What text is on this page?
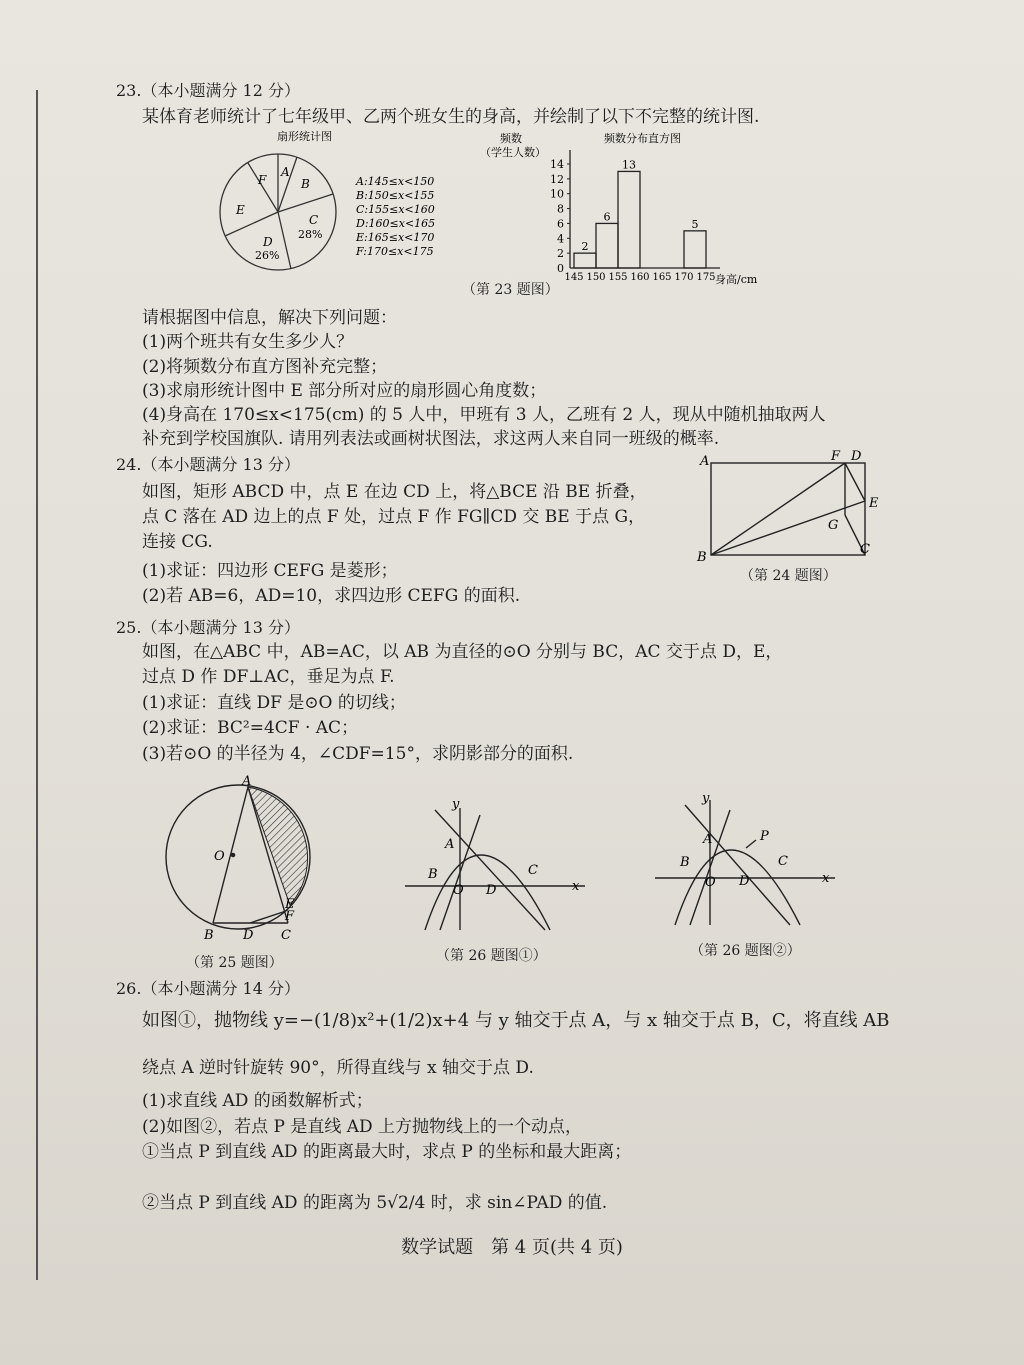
23.（本小题满分 12 分）
某体育老师统计了七年级甲、乙两个班女生的身高，并绘制了以下不完整的统计图.
扇形统计图
A
B
C
D
E
F
28%
26%
A:145≤x<150
B:150≤x<155
C:155≤x<160
D:160≤x<165
E:165≤x<170
F:170≤x<175
频数
（学生人数）
频数分布直方图
0
2
4
6
8
10
12
14
145 150 155 160 165 170 175
2
6
13
5
身高/cm
（第 23 题图）
请根据图中信息，解决下列问题：
(1)两个班共有女生多少人？
(2)将频数分布直方图补充完整；
(3)求扇形统计图中 E 部分所对应的扇形圆心角度数；
(4)身高在 170≤x<175(cm) 的 5 人中，甲班有 3 人，乙班有 2 人，现从中随机抽取两人
补充到学校国旗队. 请用列表法或画树状图法，求这两人来自同一班级的概率.
24.（本小题满分 13 分）
如图，矩形 ABCD 中，点 E 在边 CD 上，将△BCE 沿 BE 折叠，
点 C 落在 AD 边上的点 F 处，过点 F 作 FG∥CD 交 BE 于点 G，
连接 CG.
(1)求证：四边形 CEFG 是菱形；
(2)若 AB=6，AD=10，求四边形 CEFG 的面积.
A	F D
E
G
B
C
（第 24 题图）
25.（本小题满分 13 分）
如图，在△ABC 中，AB=AC，以 AB 为直径的⊙O 分别与 BC，AC 交于点 D，E，
过点 D 作 DF⊥AC，垂足为点 F.
(1)求证：直线 DF 是⊙O 的切线；
(2)求证：BC²=4CF · AC；
(3)若⊙O 的半径为 4，∠CDF=15°，求阴影部分的面积.
A
O
E
F
B D C
（第 25 题图）
y
x
O
A
B	C
D
（第 26 题图①）
y
x
O
A
B	C
D
P
（第 26 题图②）
26.（本小题满分 14 分）
如图①，抛物线 y=−(1/8)x²+(1/2)x+4 与 y 轴交于点 A，与 x 轴交于点 B，C，将直线 AB
绕点 A 逆时针旋转 90°，所得直线与 x 轴交于点 D.
(1)求直线 AD 的函数解析式；
(2)如图②，若点 P 是直线 AD 上方抛物线上的一个动点，
①当点 P 到直线 AD 的距离最大时，求点 P 的坐标和最大距离；
②当点 P 到直线 AD 的距离为 5√2/4 时，求 sin∠PAD 的值.
数学试题　第 4 页(共 4 页)
